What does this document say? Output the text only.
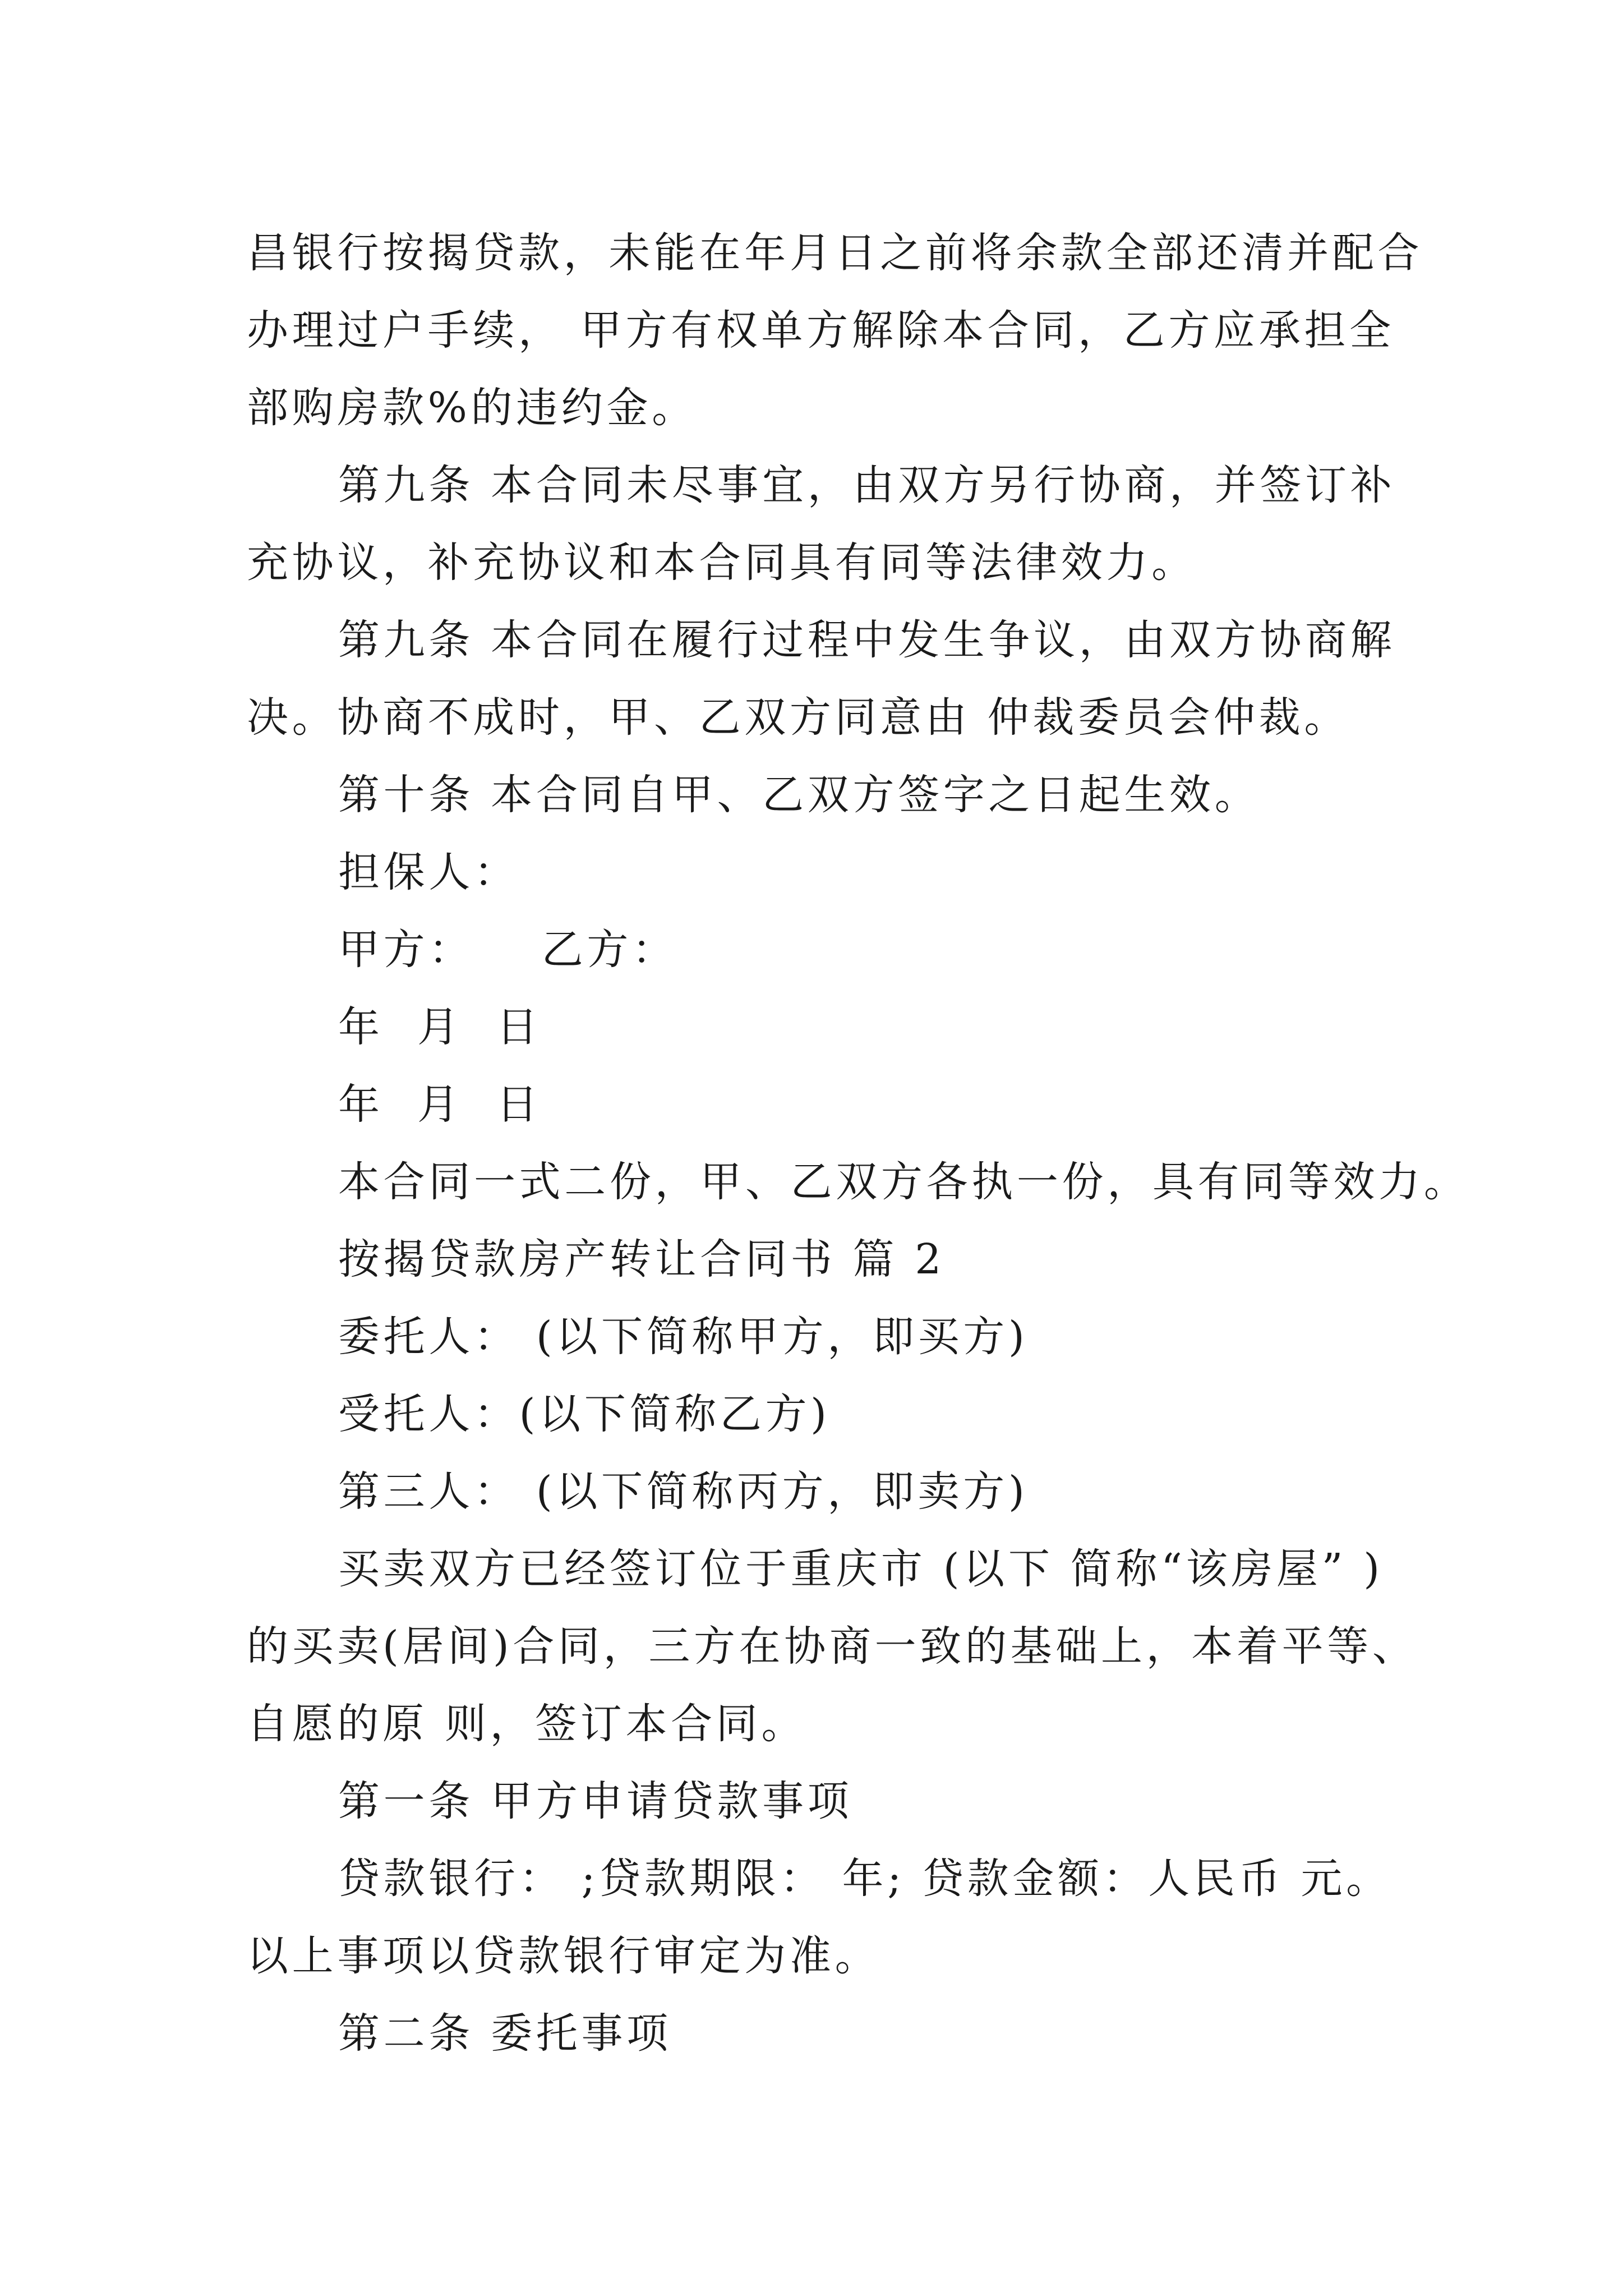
昌银行按揭贷款，未能在年月日之前将余款全部还清并配合
办理过户手续， 甲方有权单方解除本合同，乙方应承担全
部购房款%的违约金。
第九条 本合同未尽事宜，由双方另行协商，并签订补
充协议，补充协议和本合同具有同等法律效力。
第九条 本合同在履行过程中发生争议，由双方协商解
决。协商不成时，甲、乙双方同意由 仲裁委员会仲裁。
第十条 本合同自甲、乙双方签字之日起生效。
担保人：
甲方：    乙方：
年  月  日
年  月  日
本合同一式二份，甲、乙双方各执一份，具有同等效力。
按揭贷款房产转让合同书 篇 2
委托人： (以下简称甲方，即买方)
受托人：(以下简称乙方)
第三人： (以下简称丙方，即卖方)
买卖双方已经签订位于重庆市 (以下 简称“该房屋” )
的买卖(居间)合同，三方在协商一致的基础上，本着平等、
自愿的原 则，签订本合同。
第一条 甲方申请贷款事项
贷款银行： ;贷款期限： 年; 贷款金额：人民币 元。
以上事项以贷款银行审定为准。
第二条 委托事项
